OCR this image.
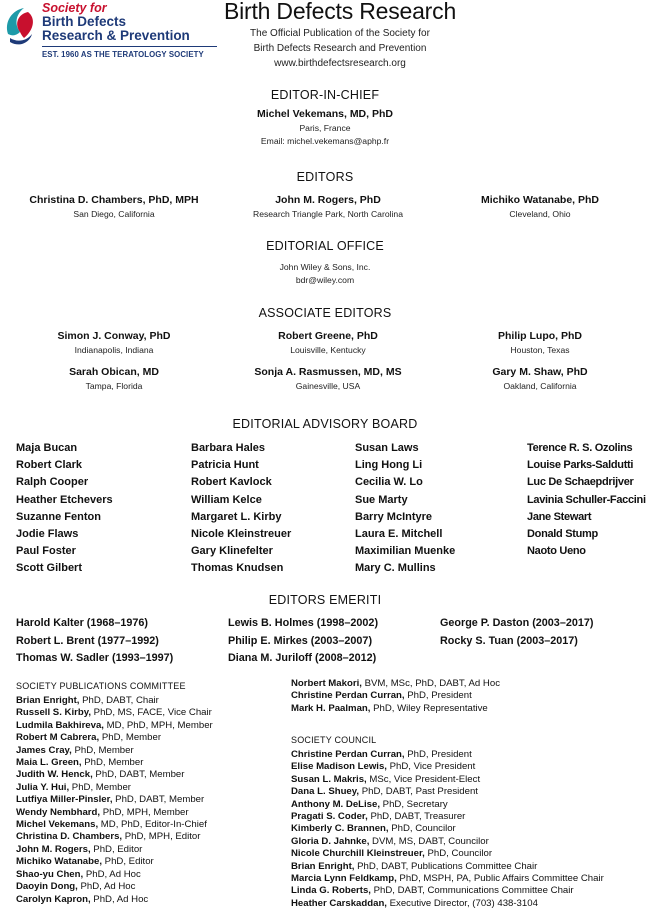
Society for
Birth Defects
Research & Prevention
EST. 1960 AS THE TERATOLOGY SOCIETY
Birth Defects Research
The Official Publication of the Society for
Birth Defects Research and Prevention
www.birthdefectsresearch.org
EDITOR-IN-CHIEF
Michel Vekemans, MD, PhD
Paris, France
Email: michel.vekemans@aphp.fr
EDITORS
Christina D. Chambers, PhD, MPH
San Diego, California
John M. Rogers, PhD
Research Triangle Park, North Carolina
Michiko Watanabe, PhD
Cleveland, Ohio
EDITORIAL OFFICE
John Wiley & Sons, Inc.
bdr@wiley.com
ASSOCIATE EDITORS
Simon J. Conway, PhD
Indianapolis, Indiana
Robert Greene, PhD
Louisville, Kentucky
Philip Lupo, PhD
Houston, Texas
Sarah Obican, MD
Tampa, Florida
Sonja A. Rasmussen, MD, MS
Gainesville, USA
Gary M. Shaw, PhD
Oakland, California
EDITORIAL ADVISORY BOARD
Maja Bucan
Robert Clark
Ralph Cooper
Heather Etchevers
Suzanne Fenton
Jodie Flaws
Paul Foster
Scott Gilbert
Barbara Hales
Patricia Hunt
Robert Kavlock
William Kelce
Margaret L. Kirby
Nicole Kleinstreuer
Gary Klinefelter
Thomas Knudsen
Susan Laws
Ling Hong Li
Cecilia W. Lo
Sue Marty
Barry McIntyre
Laura E. Mitchell
Maximilian Muenke
Mary C. Mullins
Terence R. S. Ozolins
Louise Parks-Saldutti
Luc De Schaepdrijver
Lavinia Schuller-Faccini
Jane Stewart
Donald Stump
Naoto Ueno
EDITORS EMERITI
Harold Kalter (1968–1976)
Robert L. Brent (1977–1992)
Thomas W. Sadler (1993–1997)
Lewis B. Holmes (1998–2002)
Philip E. Mirkes (2003–2007)
Diana M. Juriloff (2008–2012)
George P. Daston (2003–2017)
Rocky S. Tuan (2003–2017)
SOCIETY PUBLICATIONS COMMITTEE
Brian Enright, PhD, DABT, Chair
Russell S. Kirby, PhD, MS, FACE, Vice Chair
Ludmila Bakhireva, MD, PhD, MPH, Member
Robert M Cabrera, PhD, Member
James Cray, PhD, Member
Maia L. Green, PhD, Member
Judith W. Henck, PhD, DABT, Member
Julia Y. Hui, PhD, Member
Lutfiya Miller-Pinsler, PhD, DABT, Member
Wendy Nembhard, PhD, MPH, Member
Michel Vekemans, MD, PhD, Editor-In-Chief
Christina D. Chambers, PhD, MPH, Editor
John M. Rogers, PhD, Editor
Michiko Watanabe, PhD, Editor
Shao-yu Chen, PhD, Ad Hoc
Daoyin Dong, PhD, Ad Hoc
Carolyn Kapron, PhD, Ad Hoc
Norbert Makori, BVM, MSc, PhD, DABT, Ad Hoc
Christine Perdan Curran, PhD, President
Mark H. Paalman, PhD, Wiley Representative
SOCIETY COUNCIL
Christine Perdan Curran, PhD, President
Elise Madison Lewis, PhD, Vice President
Susan L. Makris, MSc, Vice President-Elect
Dana L. Shuey, PhD, DABT, Past President
Anthony M. DeLise, PhD, Secretary
Pragati S. Coder, PhD, DABT, Treasurer
Kimberly C. Brannen, PhD, Councilor
Gloria D. Jahnke, DVM, MS, DABT, Councilor
Nicole Churchill Kleinstreuer, PhD, Councilor
Brian Enright, PhD, DABT, Publications Committee Chair
Marcia Lynn Feldkamp, PhD, MSPH, PA, Public Affairs Committee Chair
Linda G. Roberts, PhD, DABT, Communications Committee Chair
Heather Carskaddan, Executive Director, (703) 438-3104
